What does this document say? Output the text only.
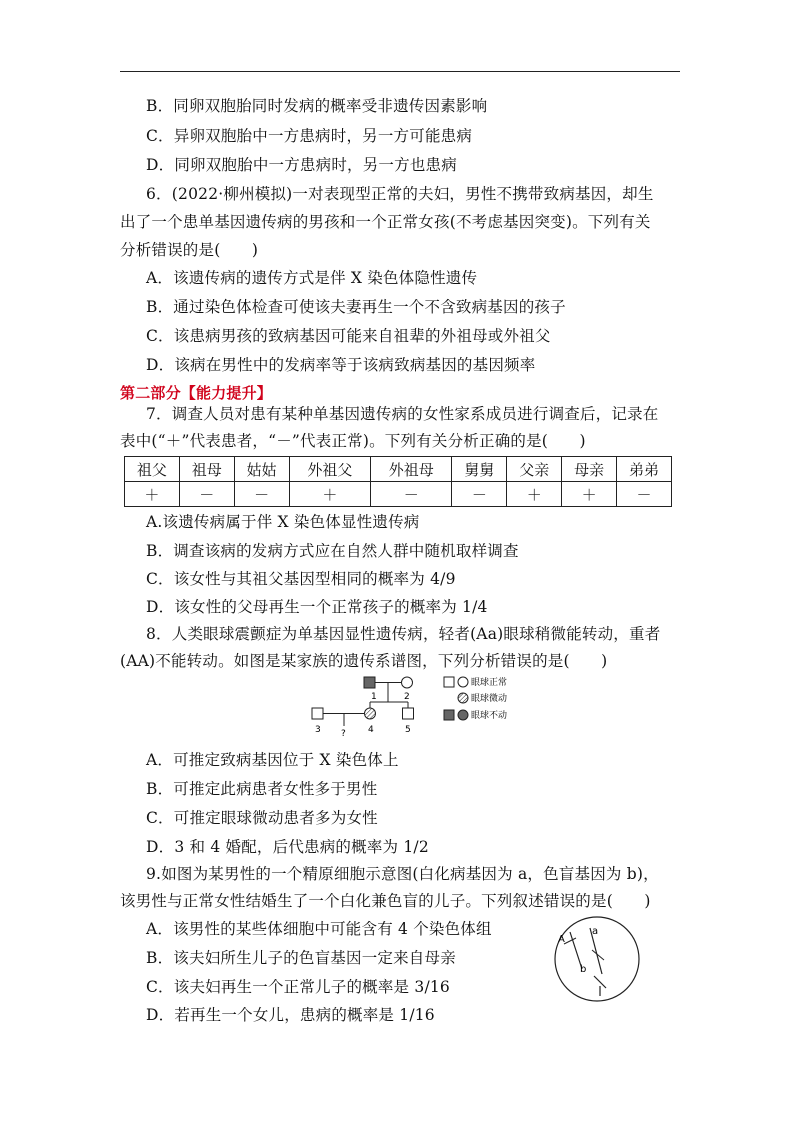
B．同卵双胞胎同时发病的概率受非遗传因素影响
C．异卵双胞胎中一方患病时，另一方可能患病
D．同卵双胞胎中一方患病时，另一方也患病
6．(2022·柳州模拟)一对表现型正常的夫妇，男性不携带致病基因，却生
出了一个患单基因遗传病的男孩和一个正常女孩(不考虑基因突变)。下列有关
分析错误的是(　　)
A．该遗传病的遗传方式是伴 X 染色体隐性遗传
B．通过染色体检查可使该夫妻再生一个不含致病基因的孩子
C．该患病男孩的致病基因可能来自祖辈的外祖母或外祖父
D．该病在男性中的发病率等于该病致病基因的基因频率
第二部分【能力提升】
7．调查人员对患有某种单基因遗传病的女性家系成员进行调查后，记录在
表中(“＋”代表患者，“－”代表正常)。下列有关分析正确的是(　　)
祖父	祖母	姑姑	外祖父	外祖母	舅舅	父亲	母亲	弟弟
＋	－	－	＋	－	－	＋	＋	－
A.该遗传病属于伴 X 染色体显性遗传病
B．调查该病的发病方式应在自然人群中随机取样调查
C．该女性与其祖父基因型相同的概率为 4/9
D．该女性的父母再生一个正常孩子的概率为 1/4
8．人类眼球震颤症为单基因显性遗传病，轻者(Aa)眼球稍微能转动，重者
(AA)不能转动。如图是某家族的遗传系谱图，下列分析错误的是(　　)
1	2
3	4	5
?
眼球正常
眼球微动
眼球不动
A．可推定致病基因位于 X 染色体上
B．可推定此病患者女性多于男性
C．可推定眼球微动患者多为女性
D．3 和 4 婚配，后代患病的概率为 1/2
9.如图为某男性的一个精原细胞示意图(白化病基因为 a，色盲基因为 b)，
该男性与正常女性结婚生了一个白化兼色盲的儿子。下列叙述错误的是(　　)
A．该男性的某些体细胞中可能含有 4 个染色体组
B．该夫妇所生儿子的色盲基因一定来自母亲
C．该夫妇再生一个正常儿子的概率是 3/16
D．若再生一个女儿，患病的概率是 1/16
A
a
b
